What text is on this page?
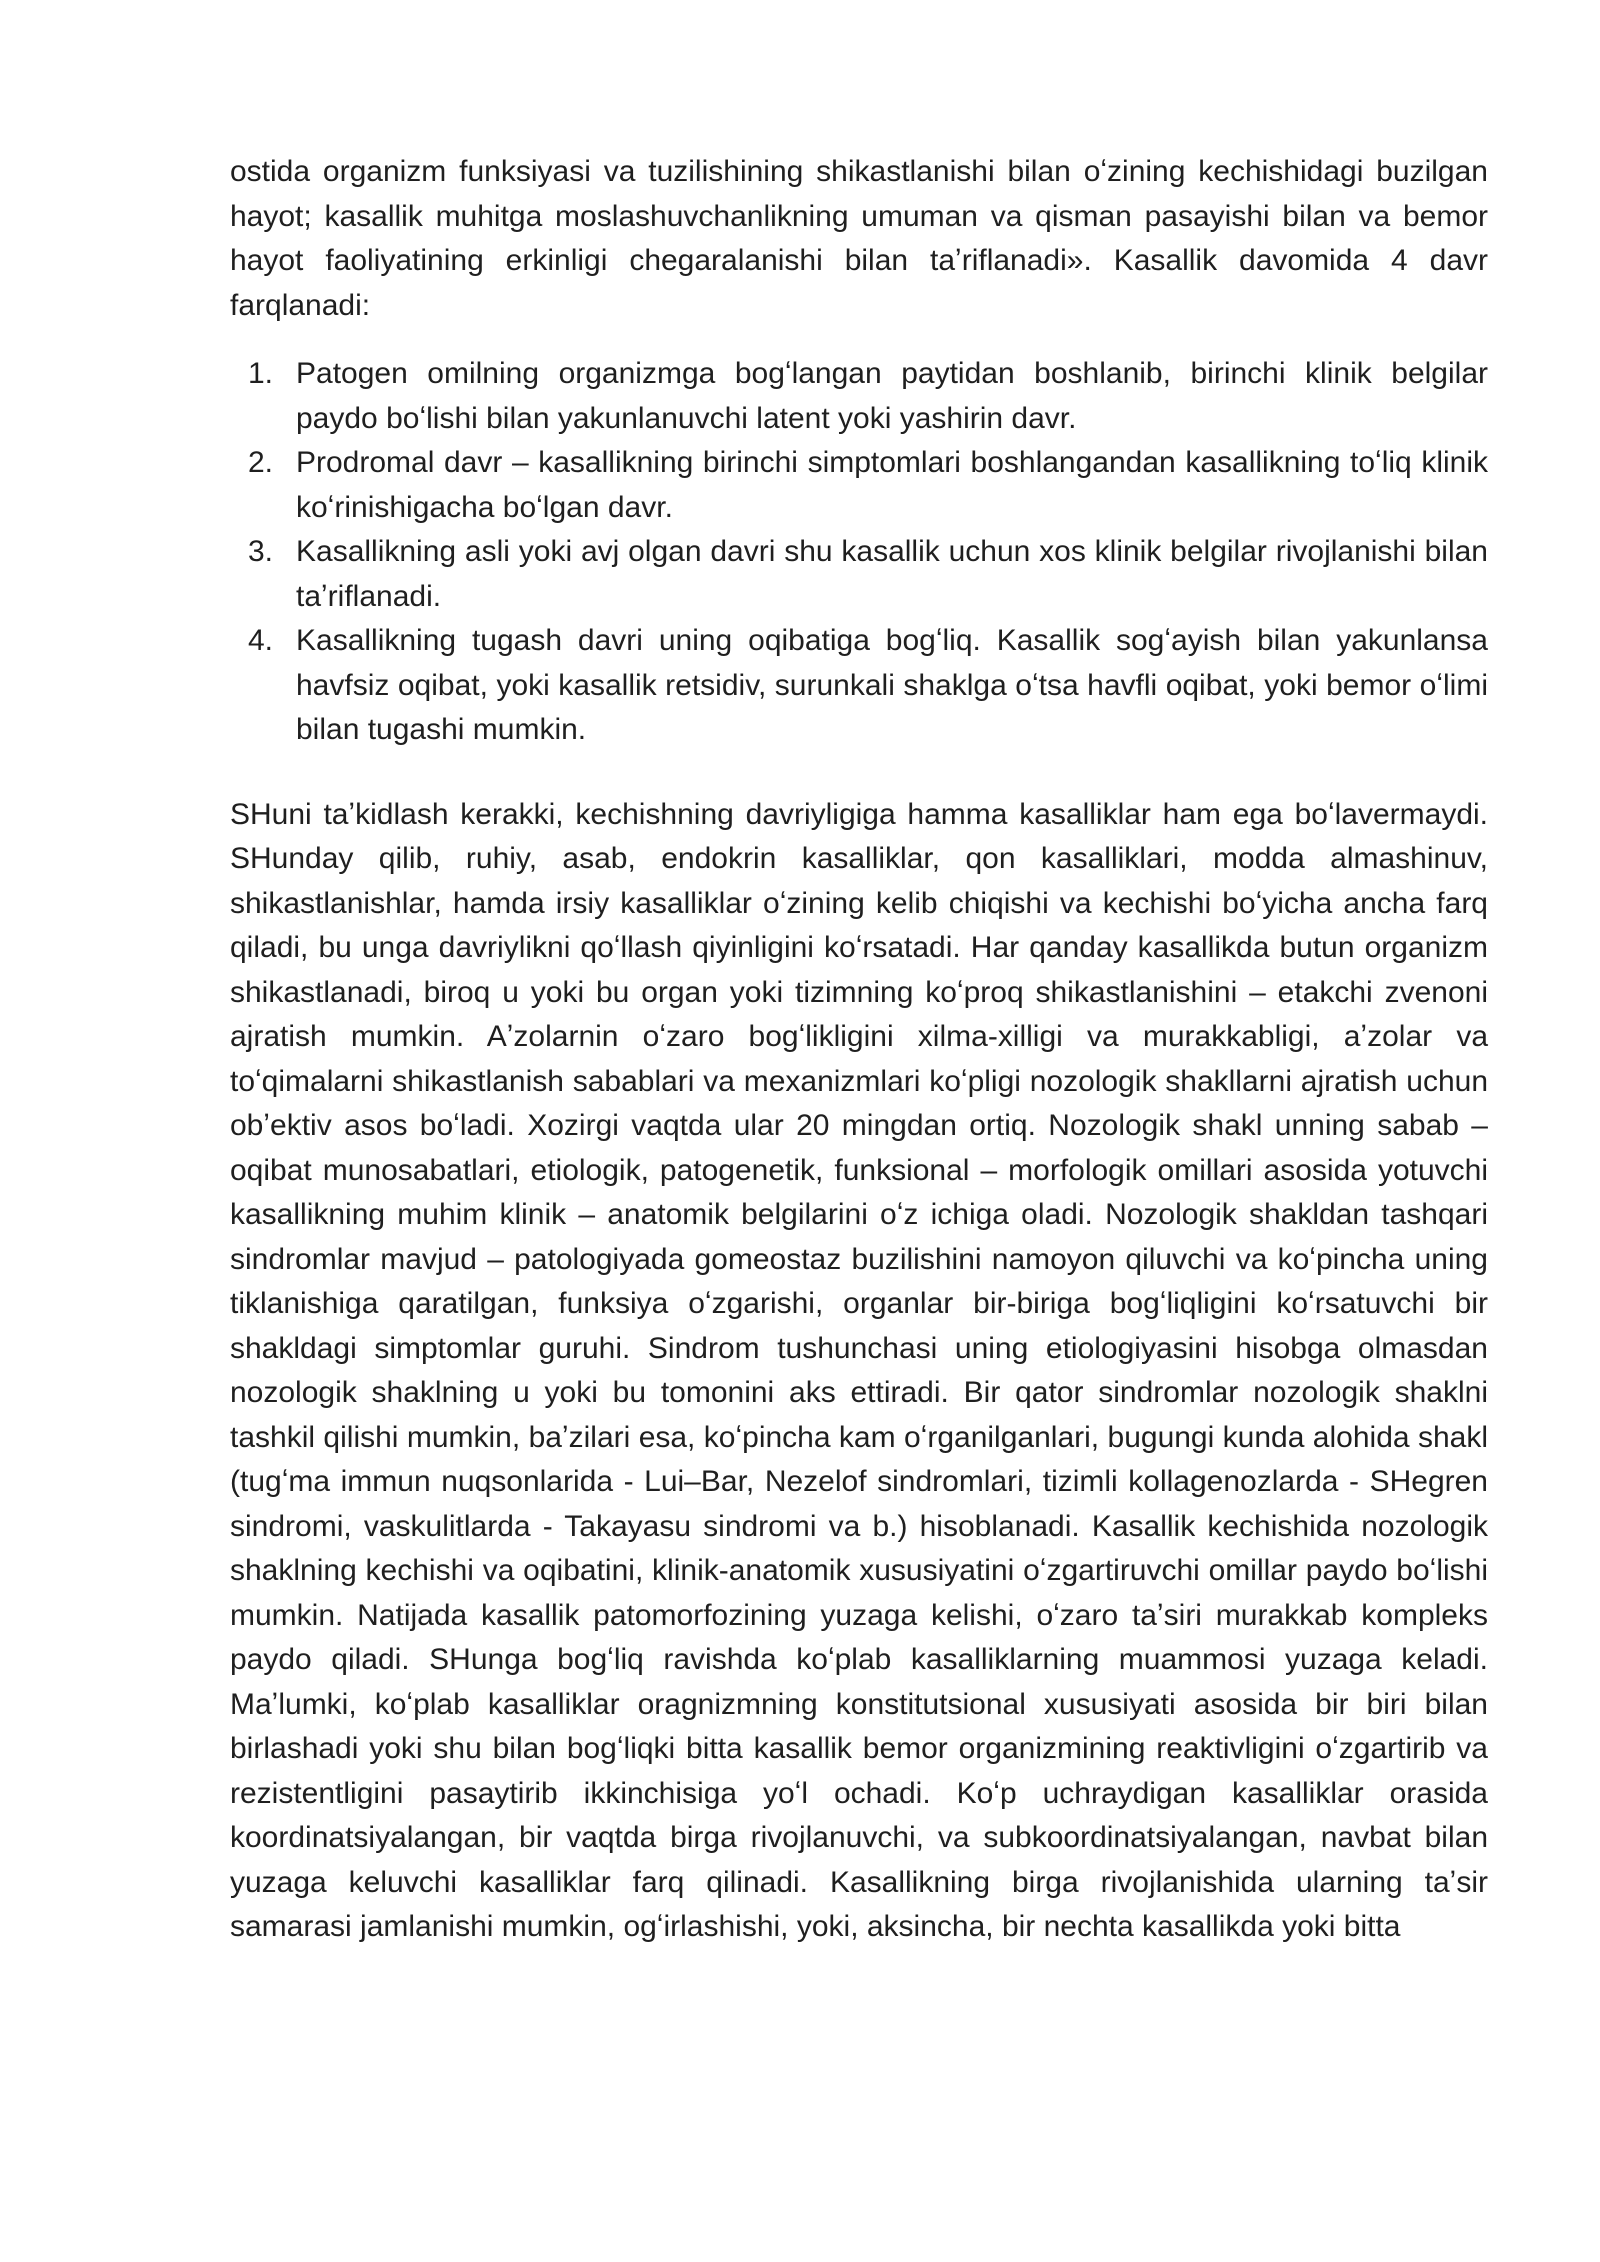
ostida organizm funksiyasi va tuzilishining shikastlanishi bilan oʻzining kechishidagi buzilgan hayot; kasallik muhitga moslashuvchanlikning umuman va qisman pasayishi bilan va bemor hayot faoliyatining erkinligi chegaralanishi bilan taʼriflanadi». Kasallik davomida 4 davr farqlanadi:

1. Patogen omilning organizmga bogʻlangan paytidan boshlanib, birinchi klinik belgilar paydo boʻlishi bilan yakunlanuvchi latent yoki yashirin davr.
2. Prodromal davr – kasallikning birinchi simptomlari boshlangandan kasallikning toʻliq klinik koʻrinishigacha boʻlgan davr.
3. Kasallikning asli yoki avj olgan davri shu kasallik uchun xos klinik belgilar rivojlanishi bilan taʼriflanadi.
4. Kasallikning tugash davri uning oqibatiga bogʻliq. Kasallik sogʻayish bilan yakunlansa havfsiz oqibat, yoki kasallik retsidiv, surunkali shaklga oʻtsa havfli oqibat, yoki bemor oʻlimi bilan tugashi mumkin.

SHuni taʼkidlash kerakki, kechishning davriyligiga hamma kasalliklar ham ega boʻlavermaydi. SHunday qilib, ruhiy, asab, endokrin kasalliklar, qon kasalliklari, modda almashinuv, shikastlanishlar, hamda irsiy kasalliklar oʻzining kelib chiqishi va kechishi boʻyicha ancha farq qiladi, bu unga davriylikni qoʻllash qiyinligini koʻrsatadi. Har qanday kasallikda butun organizm shikastlanadi, biroq u yoki bu organ yoki tizimning koʻproq shikastlanishini – etakchi zvenoni ajratish mumkin. Aʼzolarnin oʻzaro bogʻlikligini xilma-xilligi va murakkabligi, aʼzolar va toʻqimalarni shikastlanish sabablari va mexanizmlari koʻpligi nozologik shakllarni ajratish uchun obʼektiv asos boʻladi. Xozirgi vaqtda ular 20 mingdan ortiq. Nozologik shakl unning sabab – oqibat munosabatlari, etiologik, patogenetik, funksional – morfologik omillari asosida yotuvchi kasallikning muhim klinik – anatomik belgilarini oʻz ichiga oladi. Nozologik shakldan tashqari sindromlar mavjud – patologiyada gomeostaz buzilishini namoyon qiluvchi va koʻpincha uning tiklanishiga qaratilgan, funksiya oʻzgarishi, organlar bir-biriga bogʻliqligini koʻrsatuvchi bir shakldagi simptomlar guruhi. Sindrom tushunchasi uning etiologiyasini hisobga olmasdan nozologik shaklning u yoki bu tomonini aks ettiradi. Bir qator sindromlar nozologik shaklni tashkil qilishi mumkin, baʼzilari esa, koʻpincha kam oʻrganilganlari, bugungi kunda alohida shakl (tugʻma immun nuqsonlarida - Lui–Bar, Nezelof sindromlari, tizimli kollagenozlarda - SHegren sindromi, vaskulitlarda - Takayasu sindromi va b.) hisoblanadi. Kasallik kechishida nozologik shaklning kechishi va oqibatini, klinik-anatomik xususiyatini oʻzgartiruvchi omillar paydo boʻlishi mumkin. Natijada kasallik patomorfozining yuzaga kelishi, oʻzaro taʼsiri murakkab kompleks paydo qiladi. SHunga bogʻliq ravishda koʻplab kasalliklarning muammosi yuzaga keladi. Maʼlumki, koʻplab kasalliklar oragnizmning konstitutsional xususiyati asosida bir biri bilan birlashadi yoki shu bilan bogʻliqki bitta kasallik bemor organizmining reaktivligini oʻzgartirib va rezistentligini pasaytirib ikkinchisiga yoʻl ochadi. Koʻp uchraydigan kasalliklar orasida koordinatsiyalangan, bir vaqtda birga rivojlanuvchi, va subkoordinatsiyalangan, navbat bilan yuzaga keluvchi kasalliklar farq qilinadi. Kasallikning birga rivojlanishida ularning taʼsir samarasi jamlanishi mumkin, ogʻirlashishi, yoki, aksincha, bir nechta kasallikda yoki bitta
